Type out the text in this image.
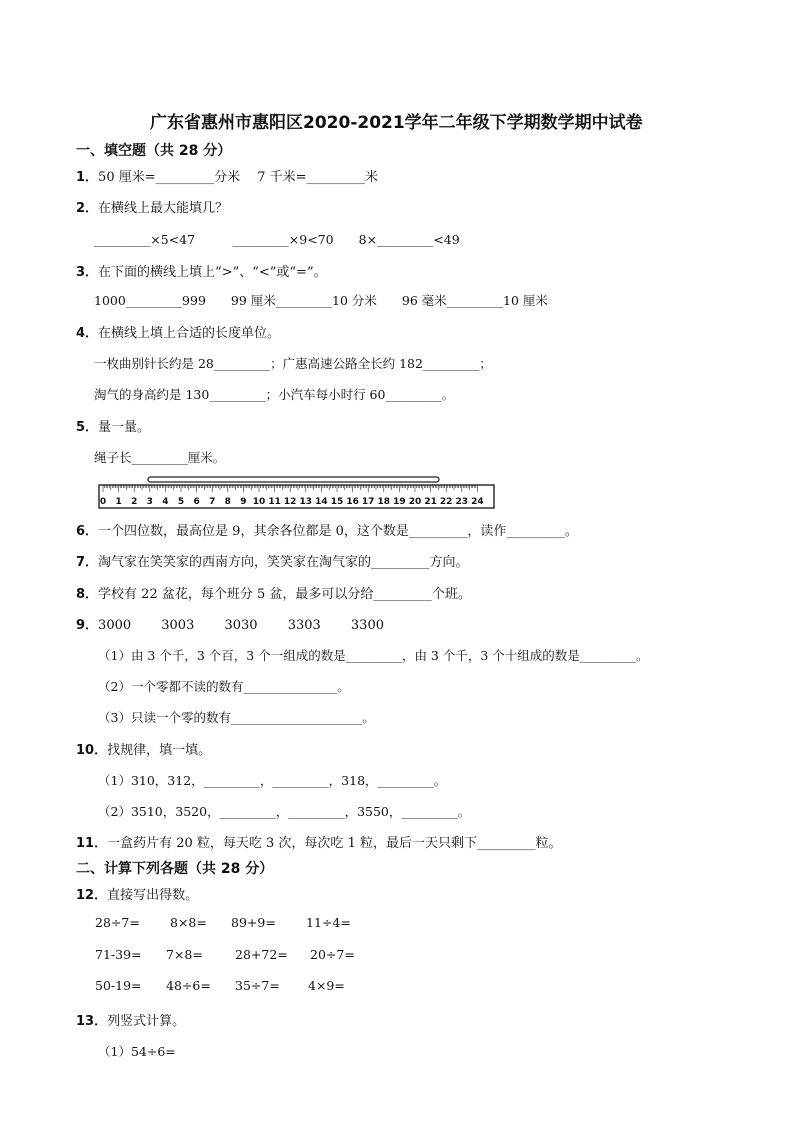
广东省惠州市惠阳区2020-2021学年二年级下学期数学期中试卷
一、填空题（共 28 分）
1．50 厘米=_________分米　 7 千米=_________米
2．在横线上最大能填几？
_________×5<47　　　_________×9<70　　8×_________<49
3．在下面的横线上填上“>”、“<”或“=”。
1000_________999　　99 厘米_________10 分米　　96 毫米_________10 厘米
4．在横线上填上合适的长度单位。
一枚曲别针长约是 28_________；广惠高速公路全长约 182_________；
淘气的身高约是 130_________；小汽车每小时行 60_________。
5．量一量。
绳子长_________厘米。
0 1 2 3 4 5 6 7 8 9 10 11 12 13 14 15 16 17 18 19 20 21 22 23 24
6．一个四位数，最高位是 9，其余各位都是 0，这个数是_________，读作_________。
7．淘气家在笑笑家的西南方向，笑笑家在淘气家的_________方向。
8．学校有 22 盆花，每个班分 5 盆，最多可以分给_________个班。
9．3000　　 3003　　 3030　　 3303　　 3300
（1）由 3 个千，3 个百，3 个一组成的数是_________，由 3 个千，3 个十组成的数是_________。
（2）一个零都不读的数有_______________。
（3）只读一个零的数有_____________________。
10．找规律，填一填。
（1）310，312，_________，_________，318，_________。
（2）3510，3520，_________，_________，3550，_________。
11．一盒药片有 20 粒，每天吃 3 次，每次吃 1 粒，最后一天只剩下_________粒。
二、计算下列各题（共 28 分）
12．直接写出得数。
28÷7= 8×8= 89+9= 11÷4=
71-39= 7×8=	28+72= 20÷7=
50-19= 48÷6= 35÷7= 4×9=
13．列竖式计算。
（1）54÷6=
